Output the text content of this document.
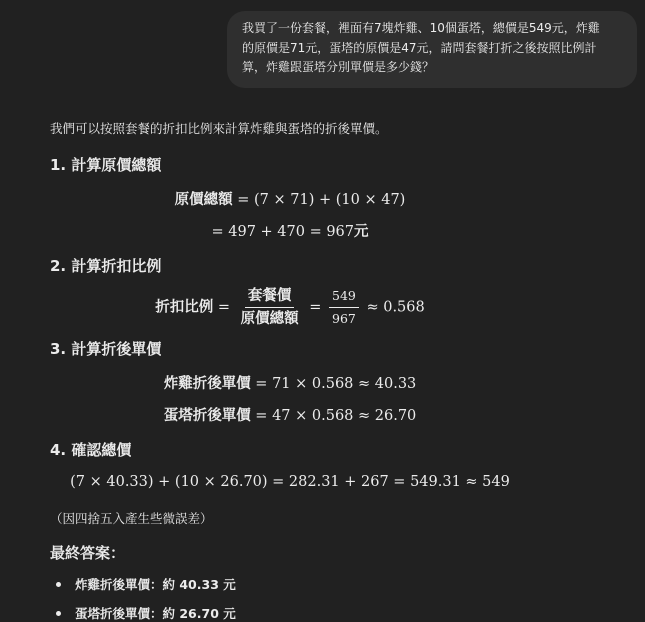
我買了一份套餐，裡面有7塊炸雞、10個蛋塔，總價是549元，炸雞
的原價是71元，蛋塔的原價是47元，請問套餐打折之後按照比例計
算，炸雞跟蛋塔分別單價是多少錢？
我們可以按照套餐的折扣比例來計算炸雞與蛋塔的折後單價。
1. 計算原價總額
原價總額 = (7 × 71) + (10 × 47)
= 497 + 470 = 967元
2. 計算折扣比例
折扣比例 = $\frac{\text{套餐價}}{\text{原價總額}} = \frac{549}{967} \approx 0.568$
3. 計算折後單價
炸雞折後單價 = 71 × 0.568 ≈ 40.33
蛋塔折後單價 = 47 × 0.568 ≈ 26.70
4. 確認總價
(7 × 40.33) + (10 × 26.70) = 282.31 + 267 = 549.31 ≈ 549
（因四捨五入產生些微誤差）
最終答案：
炸雞折後單價：約 40.33 元
蛋塔折後單價：約 26.70 元
